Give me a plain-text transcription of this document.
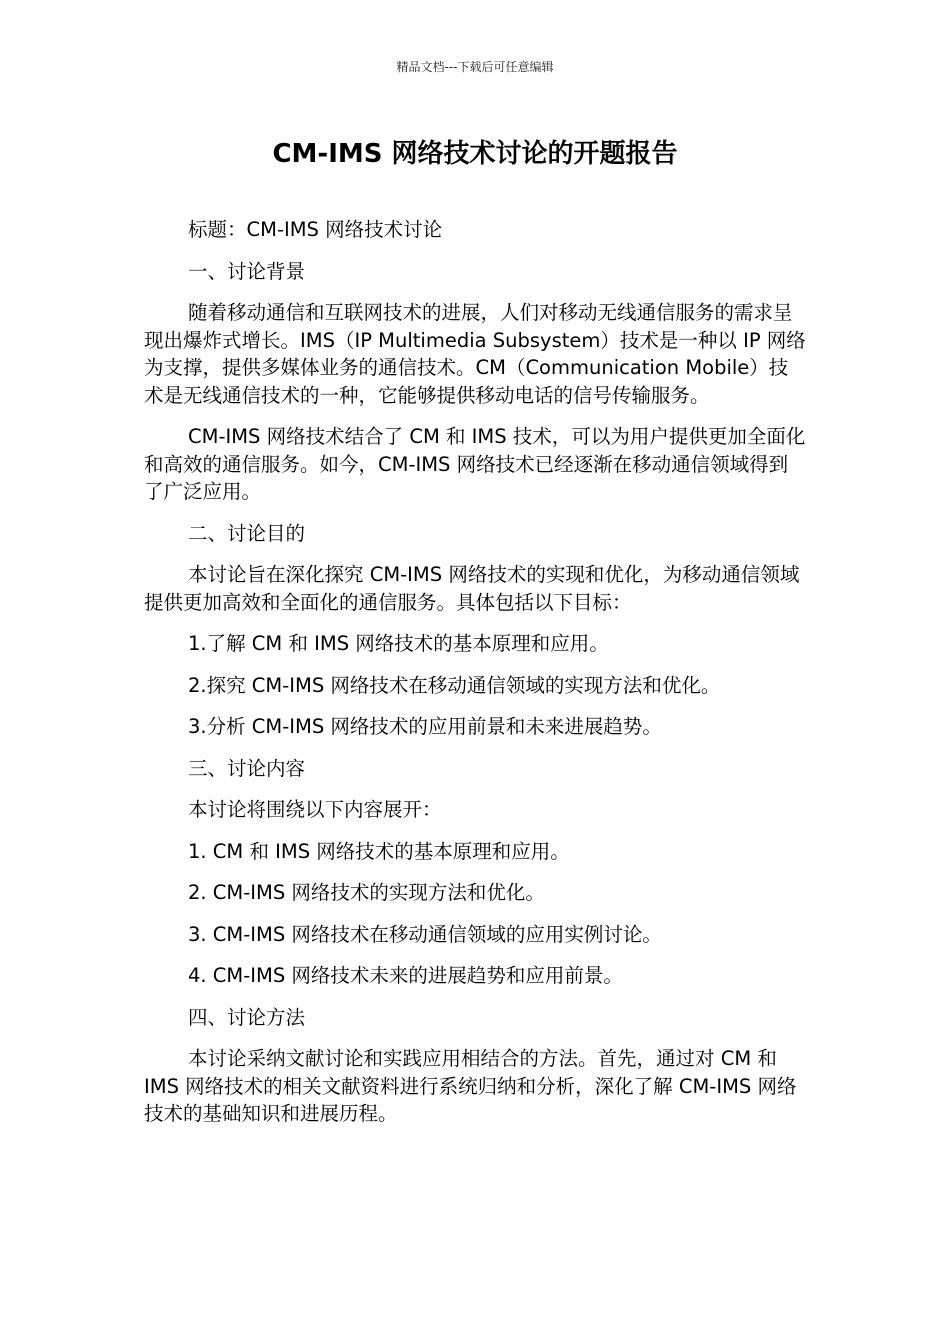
精品文档---下载后可任意编辑
CM-IMS 网络技术讨论的开题报告

标题：CM-IMS 网络技术讨论

一、讨论背景

随着移动通信和互联网技术的进展，人们对移动无线通信服务的需求呈现出爆炸式增长。IMS（IP Multimedia Subsystem）技术是一种以 IP 网络为支撑，提供多媒体业务的通信技术。CM（Communication Mobile）技术是无线通信技术的一种，它能够提供移动电话的信号传输服务。

CM-IMS 网络技术结合了 CM 和 IMS 技术，可以为用户提供更加全面化和高效的通信服务。如今，CM-IMS 网络技术已经逐渐在移动通信领域得到了广泛应用。

二、讨论目的

本讨论旨在深化探究 CM-IMS 网络技术的实现和优化，为移动通信领域提供更加高效和全面化的通信服务。具体包括以下目标：

1.了解 CM 和 IMS 网络技术的基本原理和应用。

2.探究 CM-IMS 网络技术在移动通信领域的实现方法和优化。

3.分析 CM-IMS 网络技术的应用前景和未来进展趋势。

三、讨论内容

本讨论将围绕以下内容展开：

1. CM 和 IMS 网络技术的基本原理和应用。

2. CM-IMS 网络技术的实现方法和优化。

3. CM-IMS 网络技术在移动通信领域的应用实例讨论。

4. CM-IMS 网络技术未来的进展趋势和应用前景。

四、讨论方法

本讨论采纳文献讨论和实践应用相结合的方法。首先，通过对 CM 和 IMS 网络技术的相关文献资料进行系统归纳和分析，深化了解 CM-IMS 网络技术的基础知识和进展历程。
